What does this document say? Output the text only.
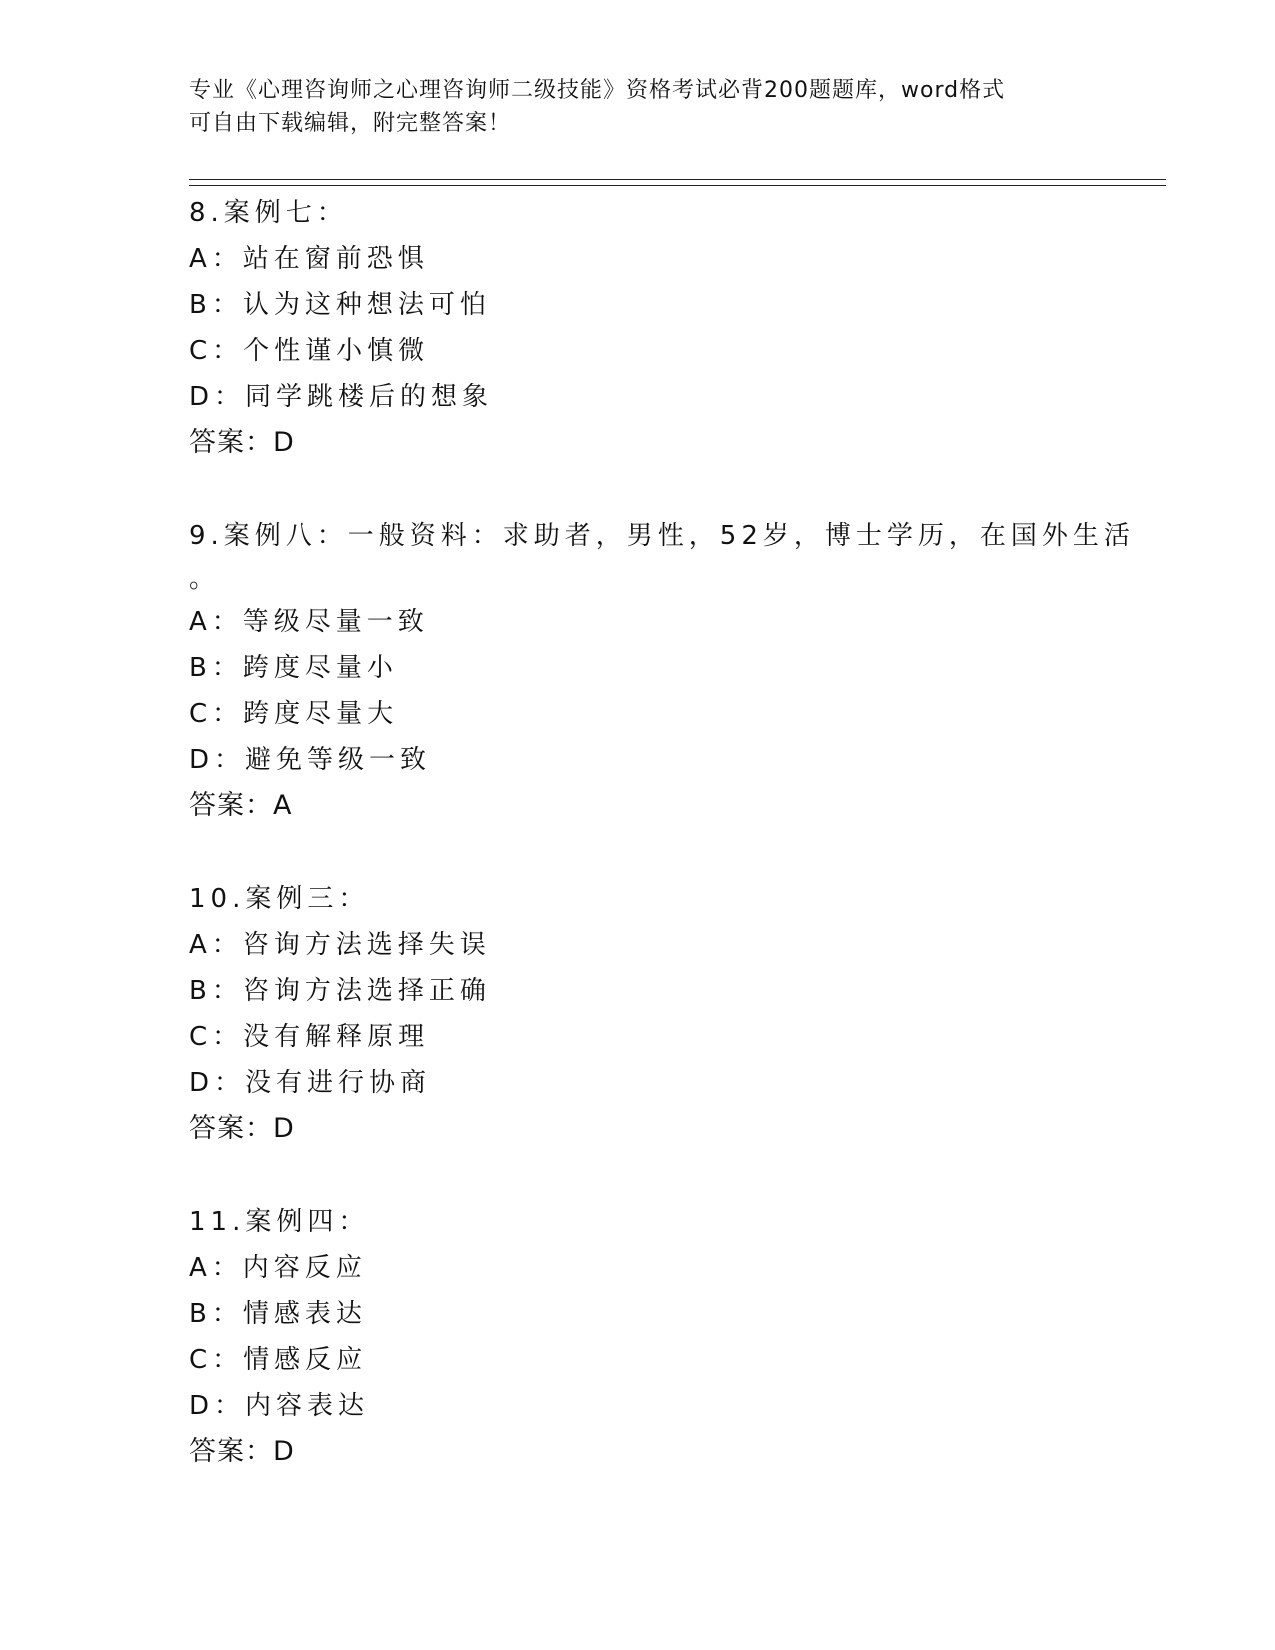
专业《心理咨询师之心理咨询师二级技能》资格考试必背200题题库，word格式
可自由下载编辑，附完整答案！
8.案例七：
A：站在窗前恐惧
B：认为这种想法可怕
C：个性谨小慎微
D：同学跳楼后的想象
答案：D
9.案例八：一般资料：求助者，男性，52岁，博士学历，在国外生活
。
A：等级尽量一致
B：跨度尽量小
C：跨度尽量大
D：避免等级一致
答案：A
10.案例三：
A：咨询方法选择失误
B：咨询方法选择正确
C：没有解释原理
D：没有进行协商
答案：D
11.案例四：
A：内容反应
B：情感表达
C：情感反应
D：内容表达
答案：D
